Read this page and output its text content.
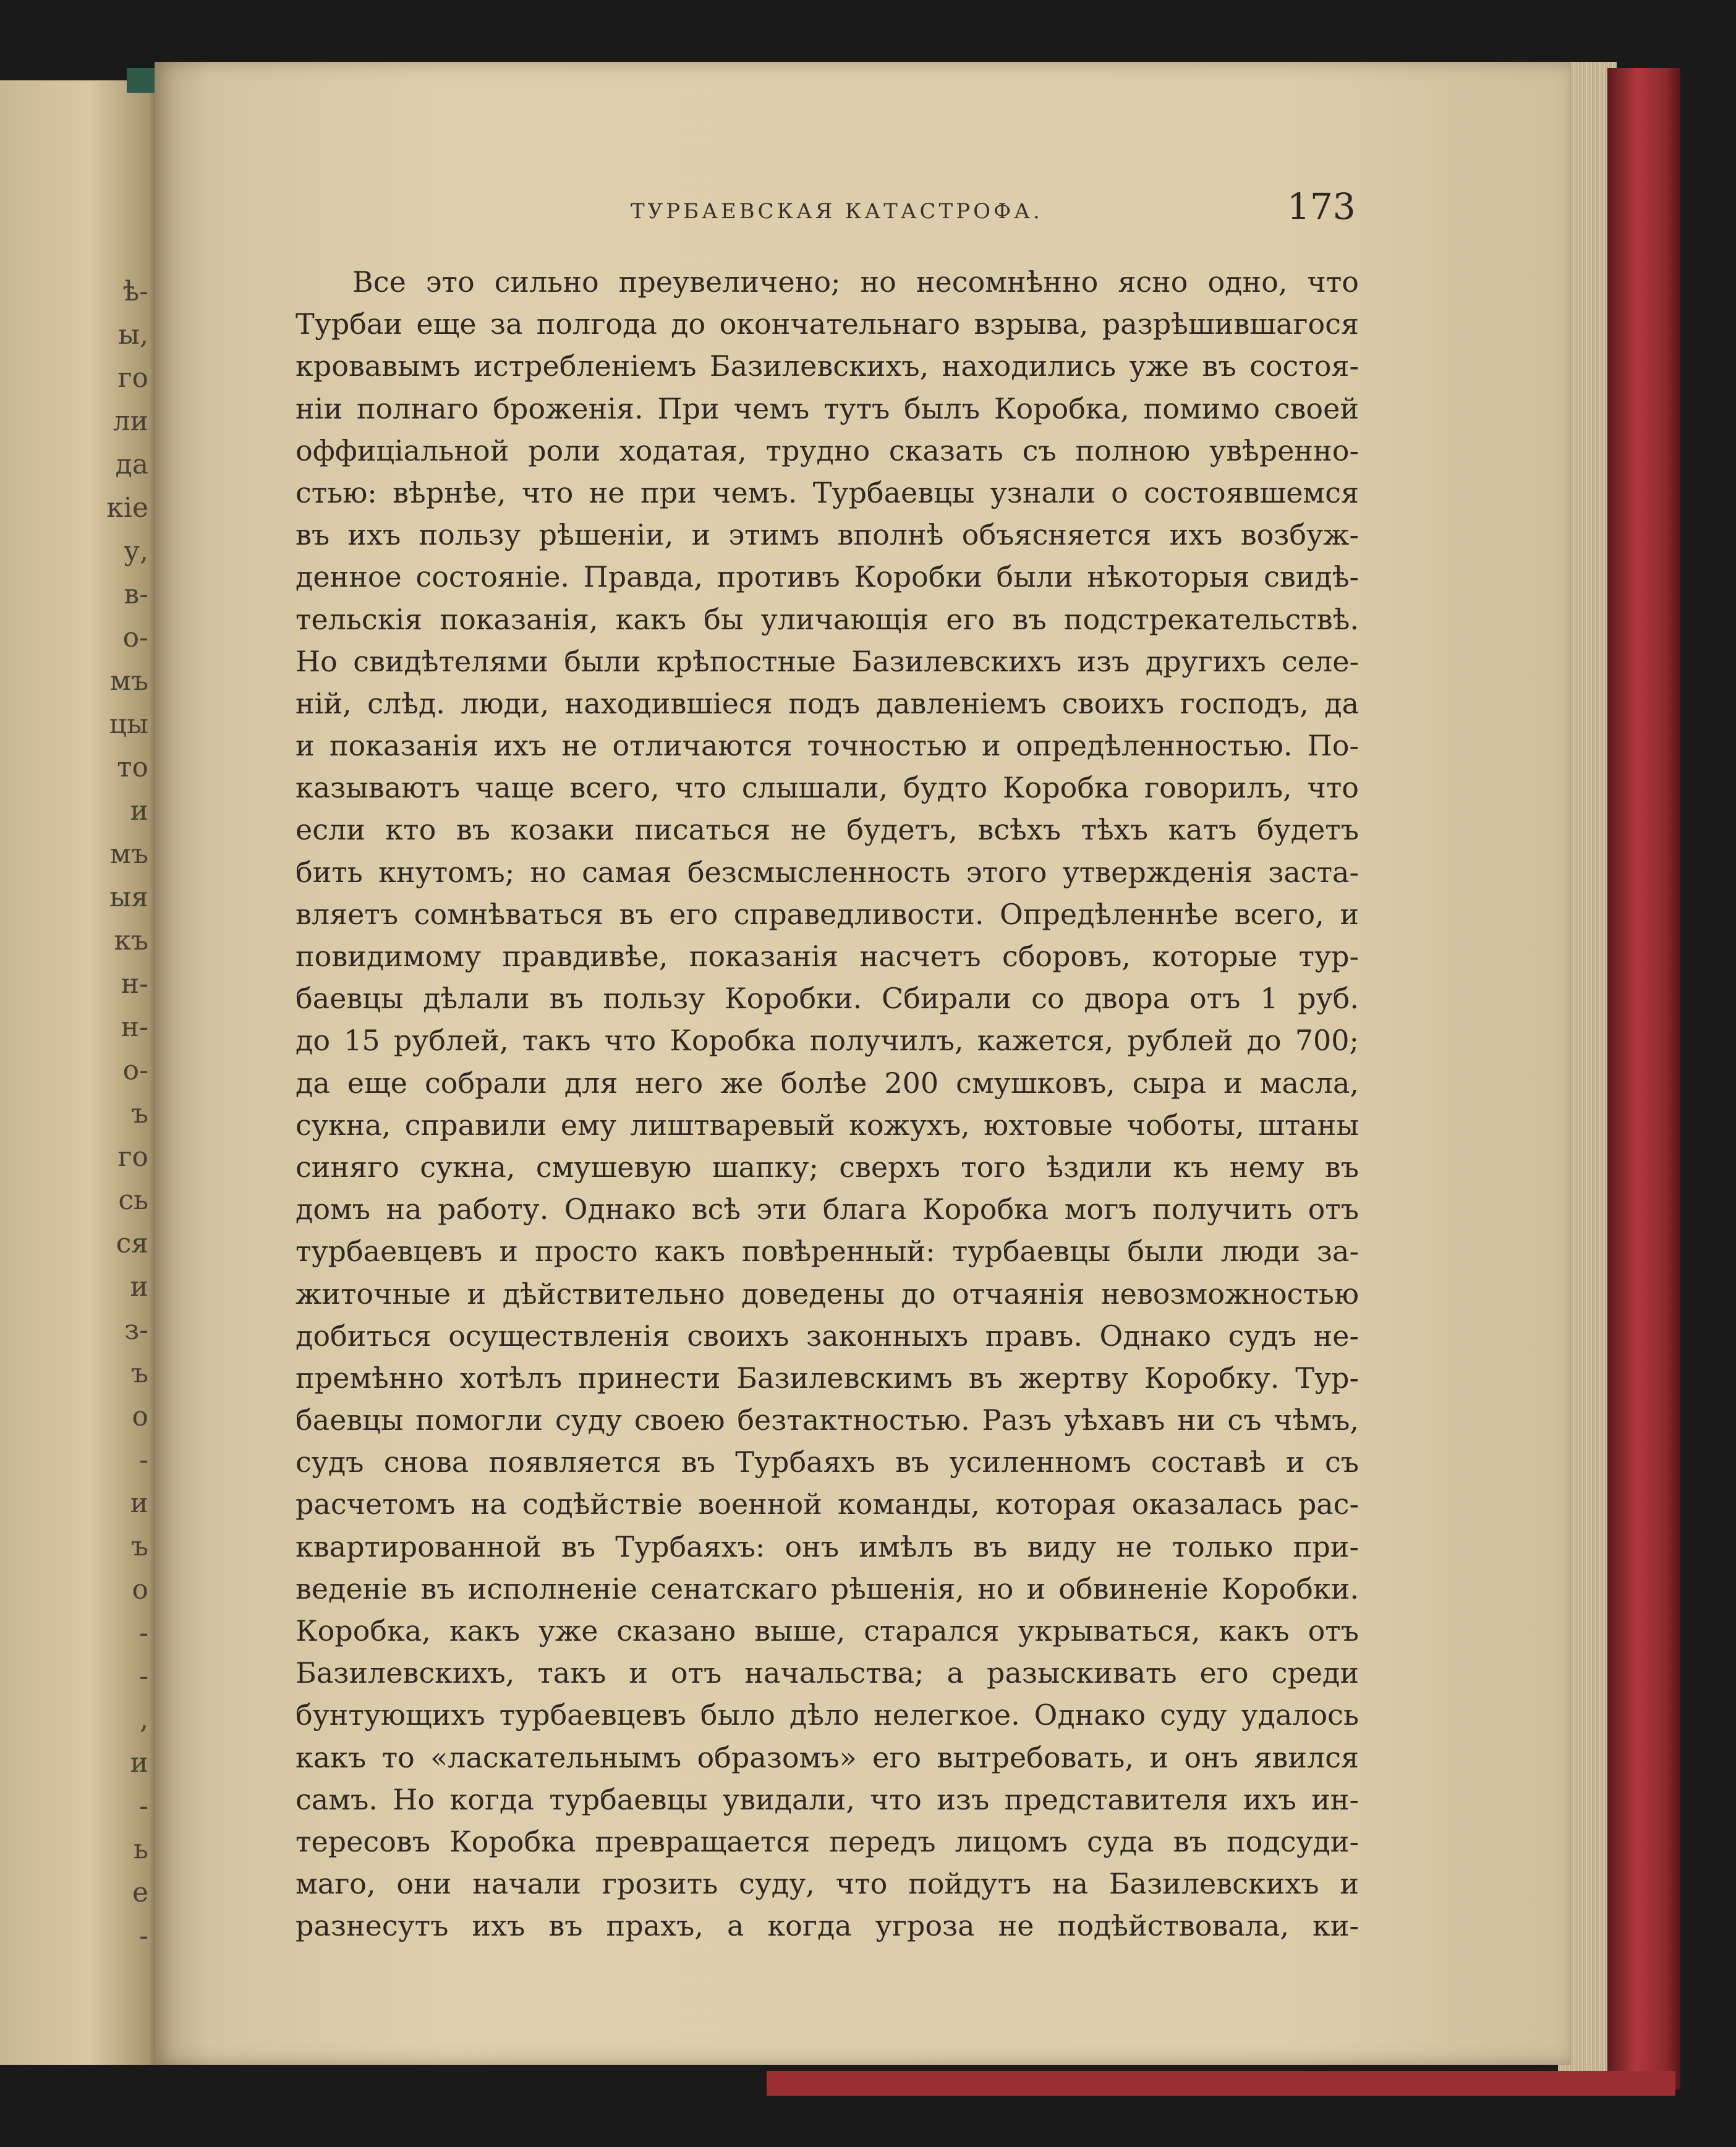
ѣ-
ы,
го
ли
да
кіе
у,
в-
о-
мъ
цы
то
и
мъ
ыя
къ
н-
н-
о-
ъ
го
сь
ся
и
з-
ъ
о
-
и
ъ
о
-
-
,
и
-
ь
е
-
ТУРБАЕВСКАЯ КАТАСТРОФА.	173
Все это сильно преувеличено; но несомнѣнно ясно одно, что
Турбаи еще за полгода до окончательнаго взрыва, разрѣшившагося
кровавымъ истребленіемъ Базилевскихъ, находились уже въ состоя-
ніи полнаго броженія. При чемъ тутъ былъ Коробка, помимо своей
оффиціальной роли ходатая, трудно сказать съ полною увѣренно-
стью: вѣрнѣе, что не при чемъ. Турбаевцы узнали о состоявшемся
въ ихъ пользу рѣшеніи, и этимъ вполнѣ объясняется ихъ возбуж-
денное состояніе. Правда, противъ Коробки были нѣкоторыя свидѣ-
тельскія показанія, какъ бы уличающія его въ подстрекательствѣ.
Но свидѣтелями были крѣпостные Базилевскихъ изъ другихъ селе-
ній, слѣд. люди, находившіеся подъ давленіемъ своихъ господъ, да
и показанія ихъ не отличаются точностью и опредѣленностью. По-
казываютъ чаще всего, что слышали, будто Коробка говорилъ, что
если кто въ козаки писаться не будетъ, всѣхъ тѣхъ катъ будетъ
бить кнутомъ; но самая безсмысленность этого утвержденія заста-
вляетъ сомнѣваться въ его справедливости. Опредѣленнѣе всего, и
повидимому правдивѣе, показанія насчетъ сборовъ, которые тур-
баевцы дѣлали въ пользу Коробки. Сбирали со двора отъ 1 руб.
до 15 рублей, такъ что Коробка получилъ, кажется, рублей до 700;
да еще собрали для него же болѣе 200 смушковъ, сыра и масла,
сукна, справили ему лиштваревый кожухъ, юхтовые чоботы, штаны
синяго сукна, смушевую шапку; сверхъ того ѣздили къ нему въ
домъ на работу. Однако всѣ эти блага Коробка могъ получить отъ
турбаевцевъ и просто какъ повѣренный: турбаевцы были люди за-
житочные и дѣйствительно доведены до отчаянія невозможностью
добиться осуществленія своихъ законныхъ правъ. Однако судъ не-
премѣнно хотѣлъ принести Базилевскимъ въ жертву Коробку. Тур-
баевцы помогли суду своею безтактностью. Разъ уѣхавъ ни съ чѣмъ,
судъ снова появляется въ Турбаяхъ въ усиленномъ составѣ и съ
расчетомъ на содѣйствіе военной команды, которая оказалась рас-
квартированной въ Турбаяхъ: онъ имѣлъ въ виду не только при-
веденіе въ исполненіе сенатскаго рѣшенія, но и обвиненіе Коробки.
Коробка, какъ уже сказано выше, старался укрываться, какъ отъ
Базилевскихъ, такъ и отъ начальства; а разыскивать его среди
бунтующихъ турбаевцевъ было дѣло нелегкое. Однако суду удалось
какъ то «ласкательнымъ образомъ» его вытребовать, и онъ явился
самъ. Но когда турбаевцы увидали, что изъ представителя ихъ ин-
тересовъ Коробка превращается передъ лицомъ суда въ подсуди-
маго, они начали грозить суду, что пойдутъ на Базилевскихъ и
разнесутъ ихъ въ прахъ, а когда угроза не подѣйствовала, ки-
